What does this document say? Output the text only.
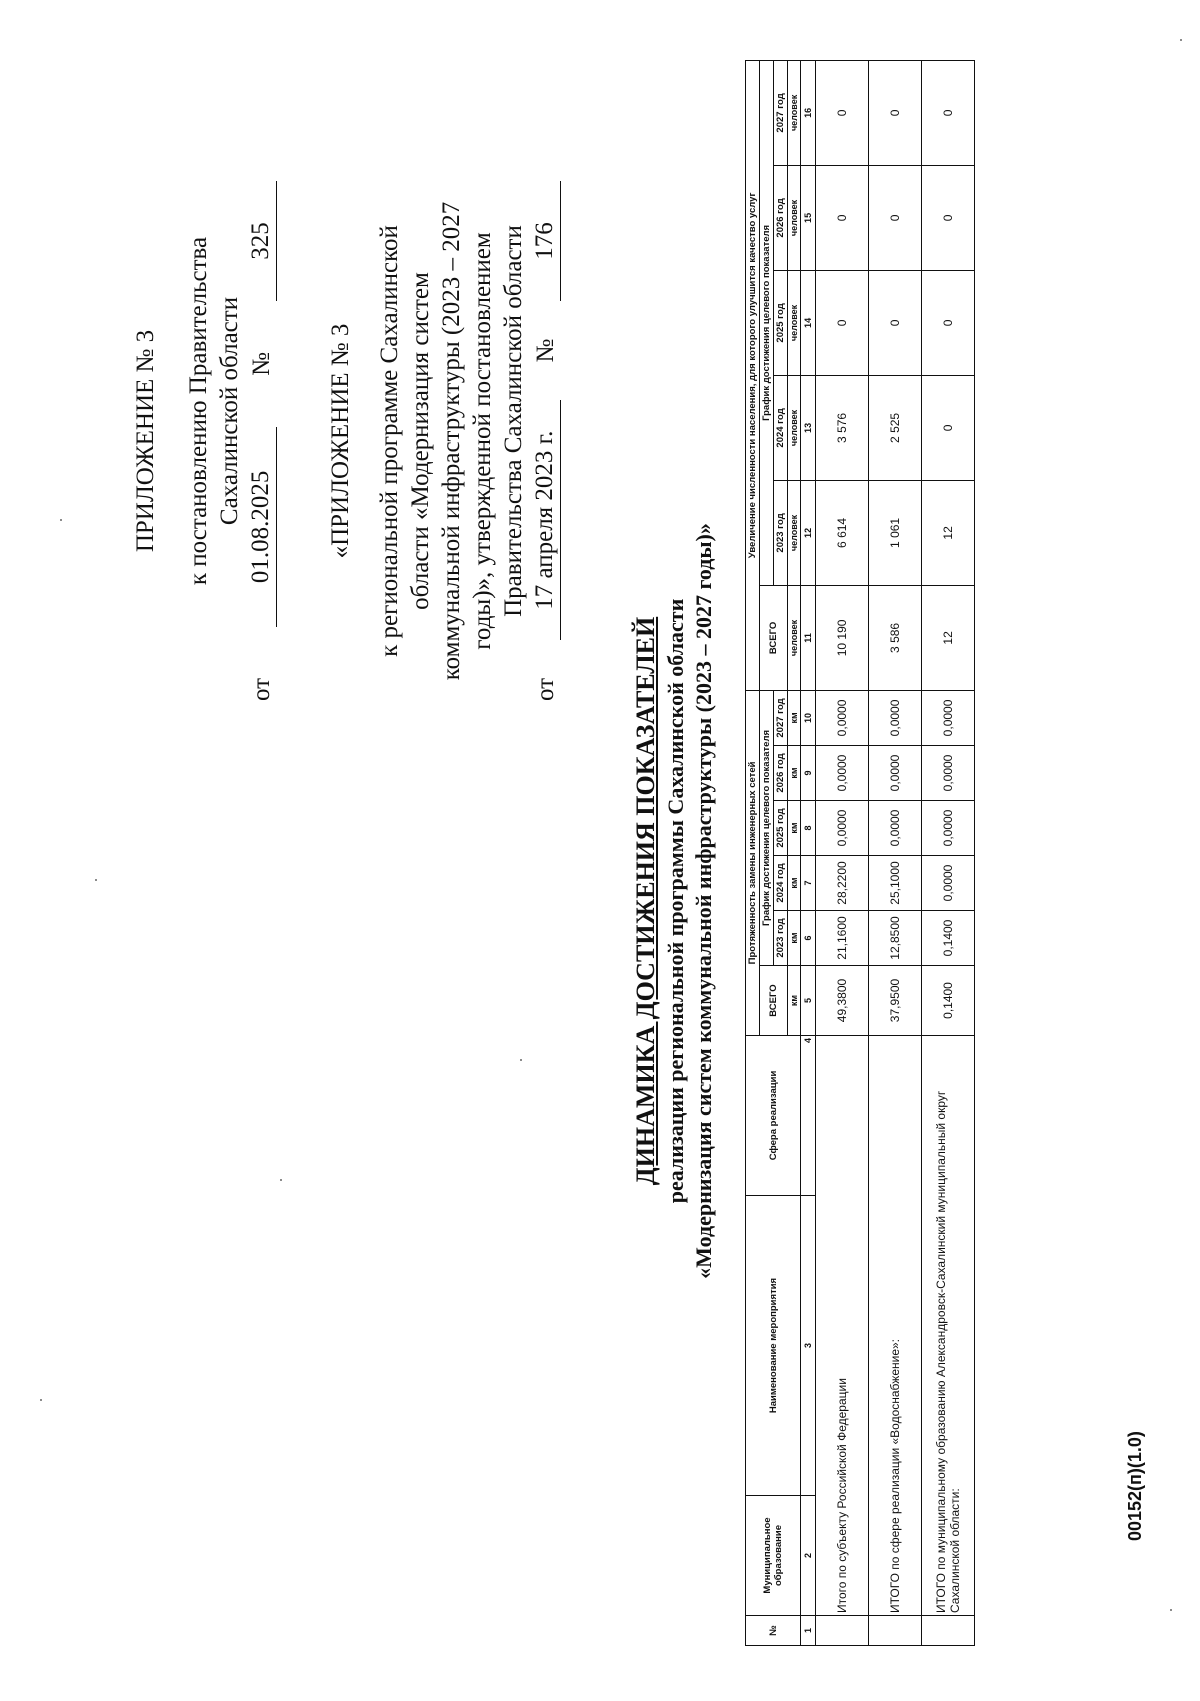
ПРИЛОЖЕНИЕ № 3 к постановлению Правительства Сахалинской области
от
01.08.2025
№
325
«ПРИЛОЖЕНИЕ № 3 к региональной программе Сахалинской области «Модернизация систем коммунальной инфраструктуры (2023 – 2027 годы)», утвержденной постановлением Правительства Сахалинской области
от
17 апреля 2023 г.
№
176
ДИНАМИКА ДОСТИЖЕНИЯ ПОКАЗАТЕЛЕЙ реализации региональной программы Сахалинской области «Модернизация систем коммунальной инфраструктуры (2023 – 2027 годы)»
№	Муниципальное образование	Наименование мероприятия	Сфера реализации	Протяженность замены инженерных сетей						Увеличение численности населения, для которого улучшится качество услуг					
				ВСЕГО	График достижения целевого показателя					ВСЕГО	График достижения целевого показателя				
					2023 год	2024 год	2025 год	2026 год	2027 год		2023 год	2024 год	2025 год	2026 год	2027 год
				км	км	км	км	км	км	человек	человек	человек	человек	человек	человек
1	2	3	4	5	6	7	8	9	10	11	12	13	14	15	16
	Итого по субъекту Российской Федерации			49,3800	21,1600	28,2200	0,0000	0,0000	0,0000	10 190	6 614	3 576	0	0	0
	ИТОГО по сфере реализации «Водоснабжение»:			37,9500	12,8500	25,1000	0,0000	0,0000	0,0000	3 586	1 061	2 525	0	0	0
	ИТОГО по муниципальному образованию Александровск-Сахалинский муниципальный округ Сахалинской области:			0,1400	0,1400	0,0000	0,0000	0,0000	0,0000	12	12	0	0	0	0
00152(п)(1.0)
